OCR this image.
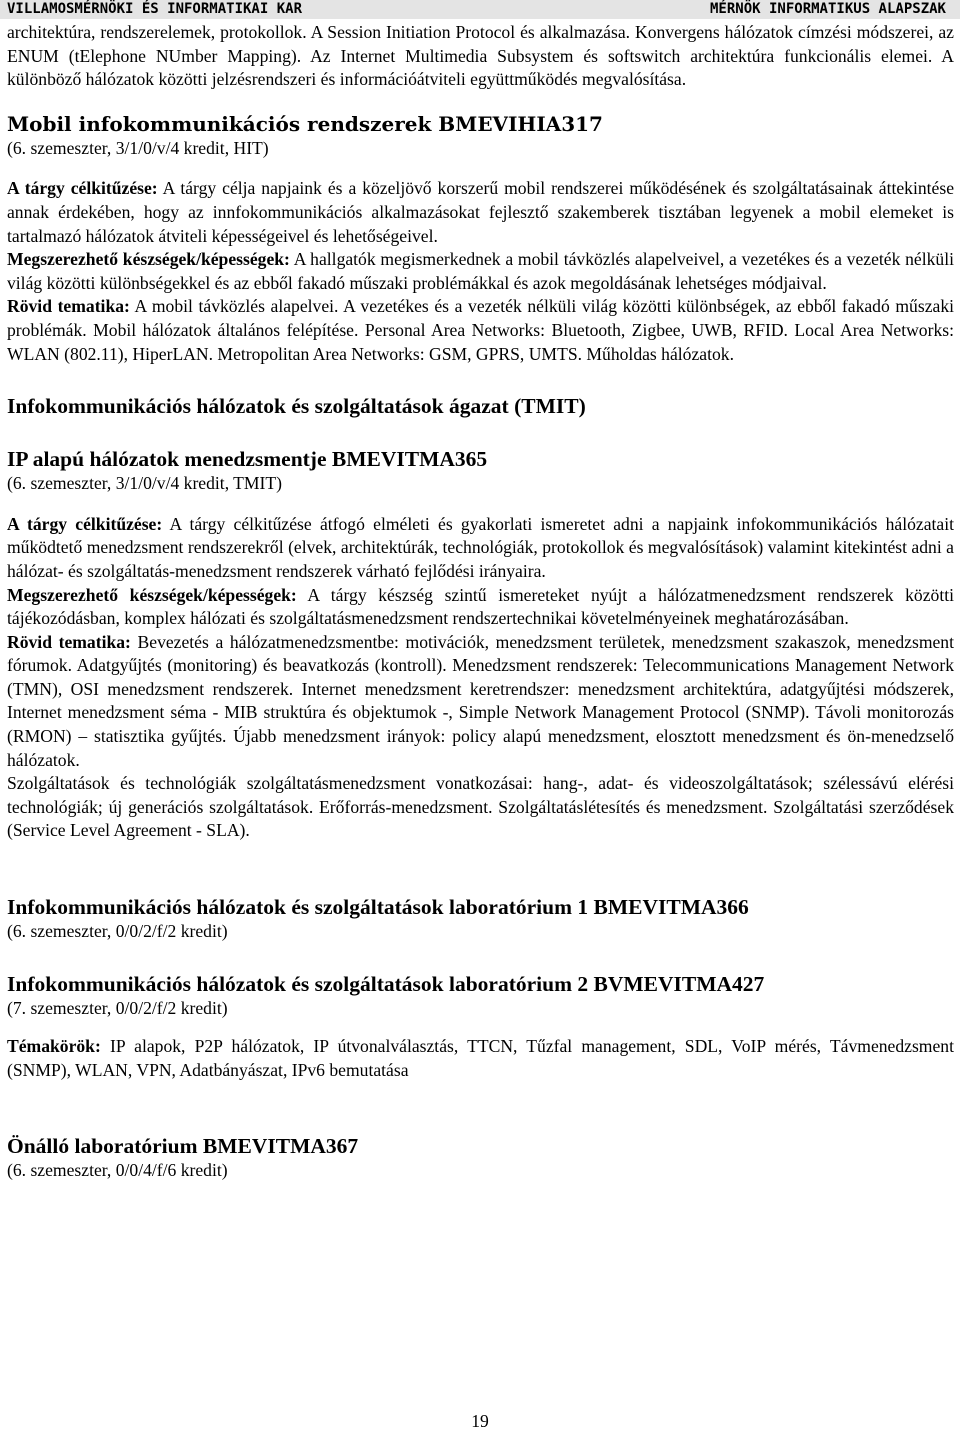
VILLAMOSMÉRNÖKI ÉS INFORMATIKAI KAR	MÉRNÖK INFORMATIKUS ALAPSZAK

architektúra, rendszerelemek, protokollok. A Session Initiation Protocol és alkalmazása. Konvergens hálózatok címzési módszerei, az ENUM (tElephone NUmber Mapping). Az Internet Multimedia Subsystem és softswitch architektúra funkcionális elemei. A különböző hálózatok közötti jelzésrendszeri és információátviteli együttműködés megvalósítása.

Mobil infokommunikációs rendszerek BMEVIHIA317

(6. szemeszter, 3/1/0/v/4 kredit, HIT)

A tárgy célkitűzése: A tárgy célja napjaink és a közeljövő korszerű mobil rendszerei működésének és szolgáltatásainak áttekintése annak érdekében, hogy az innfokommunikációs alkalmazásokat fejlesztő szakemberek tisztában legyenek a mobil elemeket is tartalmazó hálózatok átviteli képességeivel és lehetőségeivel.

Megszerezhető készségek/képességek: A hallgatók megismerkednek a mobil távközlés alapelveivel, a vezetékes és a vezeték nélküli világ közötti különbségekkel és az ebből fakadó műszaki problémákkal és azok megoldásának lehetséges módjaival.

Rövid tematika: A mobil távközlés alapelvei. A vezetékes és a vezeték nélküli világ közötti különbségek, az ebből fakadó műszaki problémák. Mobil hálózatok általános felépítése. Personal Area Networks: Bluetooth, Zigbee, UWB, RFID. Local Area Networks: WLAN (802.11), HiperLAN. Metropolitan Area Networks: GSM, GPRS, UMTS. Műholdas hálózatok.

Infokommunikációs hálózatok és szolgáltatások ágazat (TMIT)

IP alapú hálózatok menedzsmentje BMEVITMA365

(6. szemeszter, 3/1/0/v/4 kredit, TMIT)

A tárgy célkitűzése: A tárgy célkitűzése átfogó elméleti és gyakorlati ismeretet adni a napjaink infokommunikációs hálózatait működtető menedzsment rendszerekről (elvek, architektúrák, technológiák, protokollok és megvalósítások) valamint kitekintést adni a hálózat- és szolgáltatás-menedzsment rendszerek várható fejlődési irányaira.

Megszerezhető készségek/képességek: A tárgy készség szintű ismereteket nyújt a hálózatmenedzsment rendszerek közötti tájékozódásban, komplex hálózati és szolgáltatásmenedzsment rendszertechnikai követelményeinek meghatározásában.

Rövid tematika: Bevezetés a hálózatmenedzsmentbe: motivációk, menedzsment területek, menedzsment szakaszok, menedzsment fórumok. Adatgyűjtés (monitoring) és beavatkozás (kontroll). Menedzsment rendszerek: Telecommunications Management Network (TMN), OSI menedzsment rendszerek. Internet menedzsment keretrendszer: menedzsment architektúra, adatgyűjtési módszerek, Internet menedzsment séma - MIB struktúra és objektumok -, Simple Network Management Protocol (SNMP). Távoli monitorozás (RMON) – statisztika gyűjtés. Újabb menedzsment irányok: policy alapú menedzsment, elosztott menedzsment és ön-menedzselő hálózatok.

Szolgáltatások és technológiák szolgáltatásmenedzsment vonatkozásai: hang-, adat- és videoszolgáltatások; szélessávú elérési technológiák; új generációs szolgáltatások. Erőforrás-menedzsment. Szolgáltatáslétesítés és menedzsment. Szolgáltatási szerződések (Service Level Agreement - SLA).

Infokommunikációs hálózatok és szolgáltatások laboratórium 1 BMEVITMA366

(6. szemeszter, 0/0/2/f/2 kredit)

Infokommunikációs hálózatok és szolgáltatások laboratórium 2 BVMEVITMA427

(7. szemeszter, 0/0/2/f/2 kredit)

Témakörök: IP alapok, P2P hálózatok, IP útvonalválasztás, TTCN, Tűzfal management, SDL, VoIP mérés, Távmenedzsment (SNMP), WLAN, VPN, Adatbányászat, IPv6 bemutatása

Önálló laboratórium BMEVITMA367

(6. szemeszter, 0/0/4/f/6 kredit)

19
